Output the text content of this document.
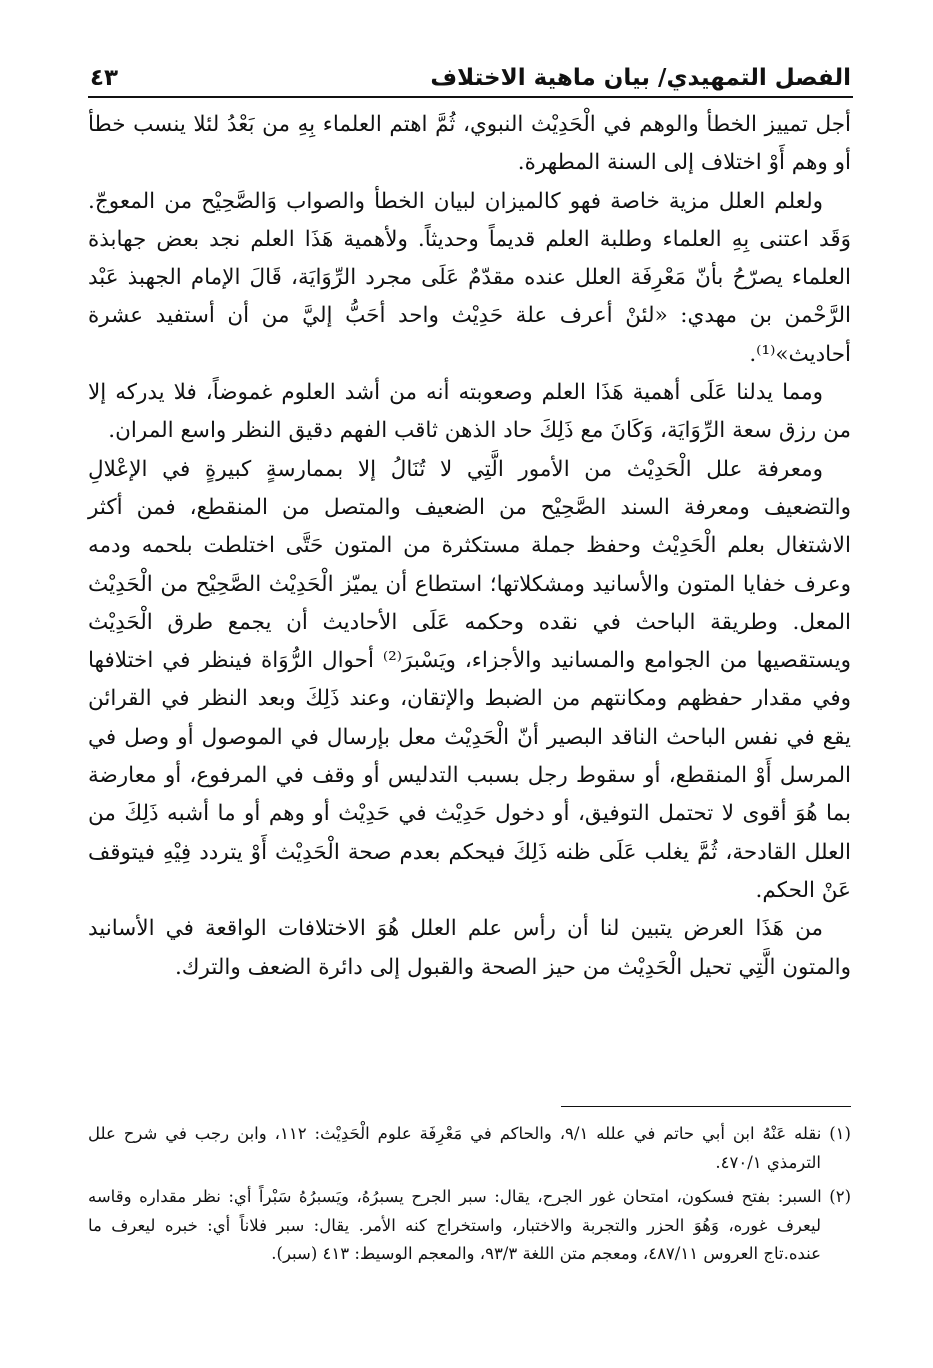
الفصل التمهيدي/ بيان ماهية الاختلاف
٤٣

أجل تمييز الخطأ والوهم في الْحَدِيْث النبوي، ثُمَّ اهتم العلماء بِهِ من بَعْدُ لئلا ينسب خطأ أو وهم أَوْ اختلاف إلى السنة المطهرة.

ولعلم العلل مزية خاصة فهو كالميزان لبيان الخطأ والصواب وَالصَّحِيْح من المعوجّ. وَقَد اعتنى بِهِ العلماء وطلبة العلم قديماً وحديثاً. ولأهمية هَذَا العلم نجد بعض جهابذة العلماء يصرّحُ بأنّ مَعْرِفَة العلل عنده مقدّمٌ عَلَى مجرد الرِّوَايَة، قَالَ الإمام الجهبذ عَبْد الرَّحْمن بن مهدي: «لئنْ أعرف علة حَدِيْث واحد أحَبُّ إليَّ من أن أستفيد عشرة أحاديث»⁽¹⁾.

ومما يدلنا عَلَى أهمية هَذَا العلم وصعوبته أنه من أشد العلوم غموضاً، فلا يدركه إلا من رزق سعة الرِّوَايَة، وَكَانَ مع ذَلِكَ حاد الذهن ثاقب الفهم دقيق النظر واسع المران.

ومعرفة علل الْحَدِيْث من الأمور الَّتِي لا تُنَالُ إلا بممارسةٍ كبيرةٍ في الإعْلالِ والتضعيف ومعرفة السند الصَّحِيْح من الضعيف والمتصل من المنقطع، فمن أكثر الاشتغال بعلم الْحَدِيْث وحفظ جملة مستكثرة من المتون حَتَّى اختلطت بلحمه ودمه وعرف خفايا المتون والأسانيد ومشكلاتها؛ استطاع أن يميّز الْحَدِيْث الصَّحِيْح من الْحَدِيْث المعل. وطريقة الباحث في نقده وحكمه عَلَى الأحاديث أن يجمع طرق الْحَدِيْث ويستقصيها من الجوامع والمسانيد والأجزاء، ويَسْبرَ⁽²⁾ أحوال الرُّوَاة فينظر في اختلافها وفي مقدار حفظهم ومكانتهم من الضبط والإتقان، وعند ذَلِكَ وبعد النظر في القرائن يقع في نفس الباحث الناقد البصير أنّ الْحَدِيْث معل بإرسال في الموصول أو وصل في المرسل أَوْ المنقطع، أو سقوط رجل بسبب التدليس أو وقف في المرفوع، أو معارضة بما هُوَ أقوى لا تحتمل التوفيق، أو دخول حَدِيْث في حَدِيْث أو وهم أو ما أشبه ذَلِكَ من العلل القادحة، ثُمَّ يغلب عَلَى ظنه ذَلِكَ فيحكم بعدم صحة الْحَدِيْث أَوْ يتردد فِيْهِ فيتوقف عَنْ الحكم.

من هَذَا العرض يتبين لنا أن رأس علم العلل هُوَ الاختلافات الواقعة في الأسانيد والمتون الَّتِي تحيل الْحَدِيْث من حيز الصحة والقبول إلى دائرة الضعف والترك.

(١) نقله عَنْهُ ابن أبي حاتم في علله ٩/١، والحاكم في مَعْرِفَة علوم الْحَدِيْث: ١١٢، وابن رجب في شرح علل الترمذي ٤٧٠/١.

(٢) السبر: بفتح فسكون، امتحان غور الجرح، يقال: سبر الجرح يسبرُهُ، ويَسبرُهُ سَبْراً أي: نظر مقداره وقاسه ليعرف غوره، وَهُوَ الحزر والتجربة والاختبار، واستخراج كنه الأمر. يقال: سبر فلاناً أي: خبره ليعرف ما عنده.تاج العروس ٤٨٧/١١، ومعجم متن اللغة ٩٣/٣، والمعجم الوسيط: ٤١٣ (سبر).
